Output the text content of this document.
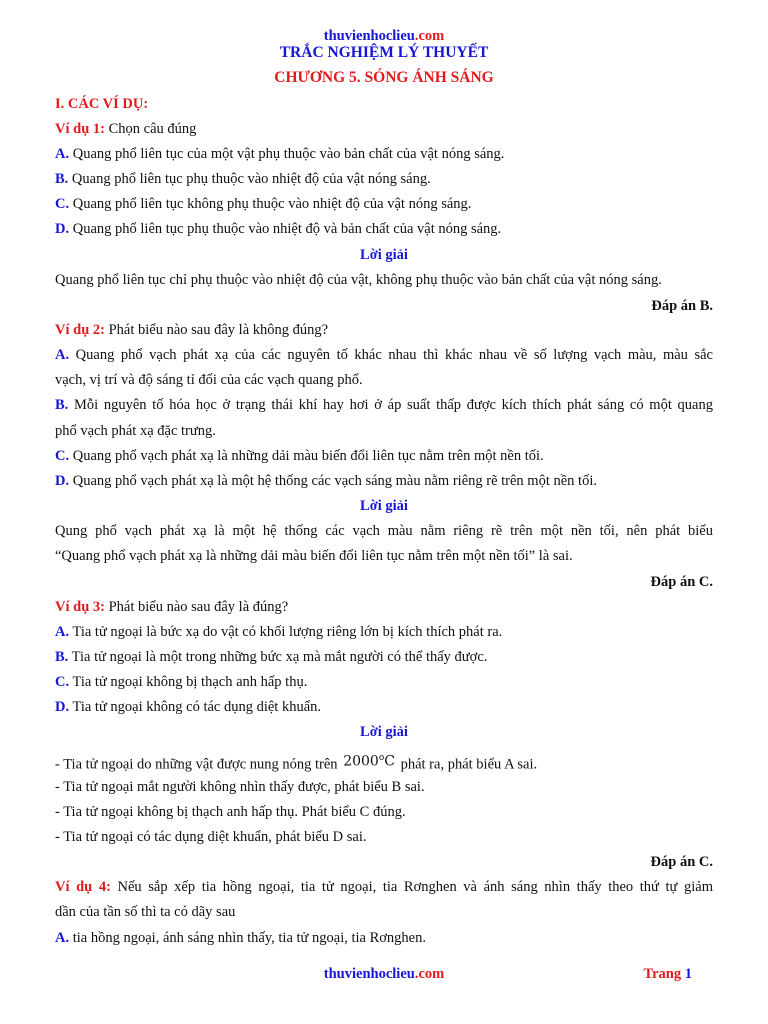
thuvienhoclieu.com
TRẮC NGHIỆM LÝ THUYẾT
CHƯƠNG 5. SÓNG ÁNH SÁNG
I. CÁC VÍ DỤ:
Ví dụ 1: Chọn câu đúng
A. Quang phổ liên tục của một vật phụ thuộc vào bản chất của vật nóng sáng.
B. Quang phổ liên tục phụ thuộc vào nhiệt độ của vật nóng sáng.
C. Quang phổ liên tục không phụ thuộc vào nhiệt độ của vật nóng sáng.
D. Quang phổ liên tục phụ thuộc vào nhiệt độ và bản chất của vật nóng sáng.
Lời giải
Quang phổ liên tục chỉ phụ thuộc vào nhiệt độ của vật, không phụ thuộc vào bản chất của vật nóng sáng.
Đáp án B.
Ví dụ 2: Phát biểu nào sau đây là không đúng?
A. Quang phổ vạch phát xạ của các nguyên tố khác nhau thì khác nhau về số lượng vạch màu, màu sắc
vạch, vị trí và độ sáng tỉ đối của các vạch quang phổ.
B. Mỗi nguyên tố hóa học ở trạng thái khí hay hơi ở áp suất thấp được kích thích phát sáng có một quang
phổ vạch phát xạ đặc trưng.
C. Quang phổ vạch phát xạ là những dải màu biến đổi liên tục nằm trên một nền tối.
D. Quang phổ vạch phát xạ là một hệ thống các vạch sáng màu nằm riêng rẽ trên một nền tối.
Lời giải
Qung phổ vạch phát xạ là một hệ thống các vạch màu nằm riêng rẽ trên một nền tối, nên phát biểu
“Quang phổ vạch phát xạ là những dải màu biến đổi liên tục nằm trên một nền tối” là sai.
Đáp án C.
Ví dụ 3: Phát biểu nào sau đây là đúng?
A. Tia tử ngoại là bức xạ do vật có khối lượng riêng lớn bị kích thích phát ra.
B. Tia tử ngoại là một trong những bức xạ mà mắt người có thể thấy được.
C. Tia tử ngoại không bị thạch anh hấp thụ.
D. Tia tử ngoại không có tác dụng diệt khuẩn.
Lời giải
- Tia tử ngoại do những vật được nung nóng trên 2000$^o$C phát ra, phát biểu A sai.
- Tia tử ngoại mắt người không nhìn thấy được, phát biểu B sai.
- Tia tử ngoại không bị thạch anh hấp thụ. Phát biểu C đúng.
- Tia tử ngoại có tác dụng diệt khuẩn, phát biểu D sai.
Đáp án C.
Ví dụ 4: Nếu sắp xếp tia hồng ngoại, tia tử ngoại, tia Rơnghen và ánh sáng nhìn thấy theo thứ tự giảm
dần của tần số thì ta có dãy sau
A. tia hồng ngoại, ánh sáng nhìn thấy, tia tử ngoại, tia Rơnghen.
thuvienhoclieu.com	Trang 1
